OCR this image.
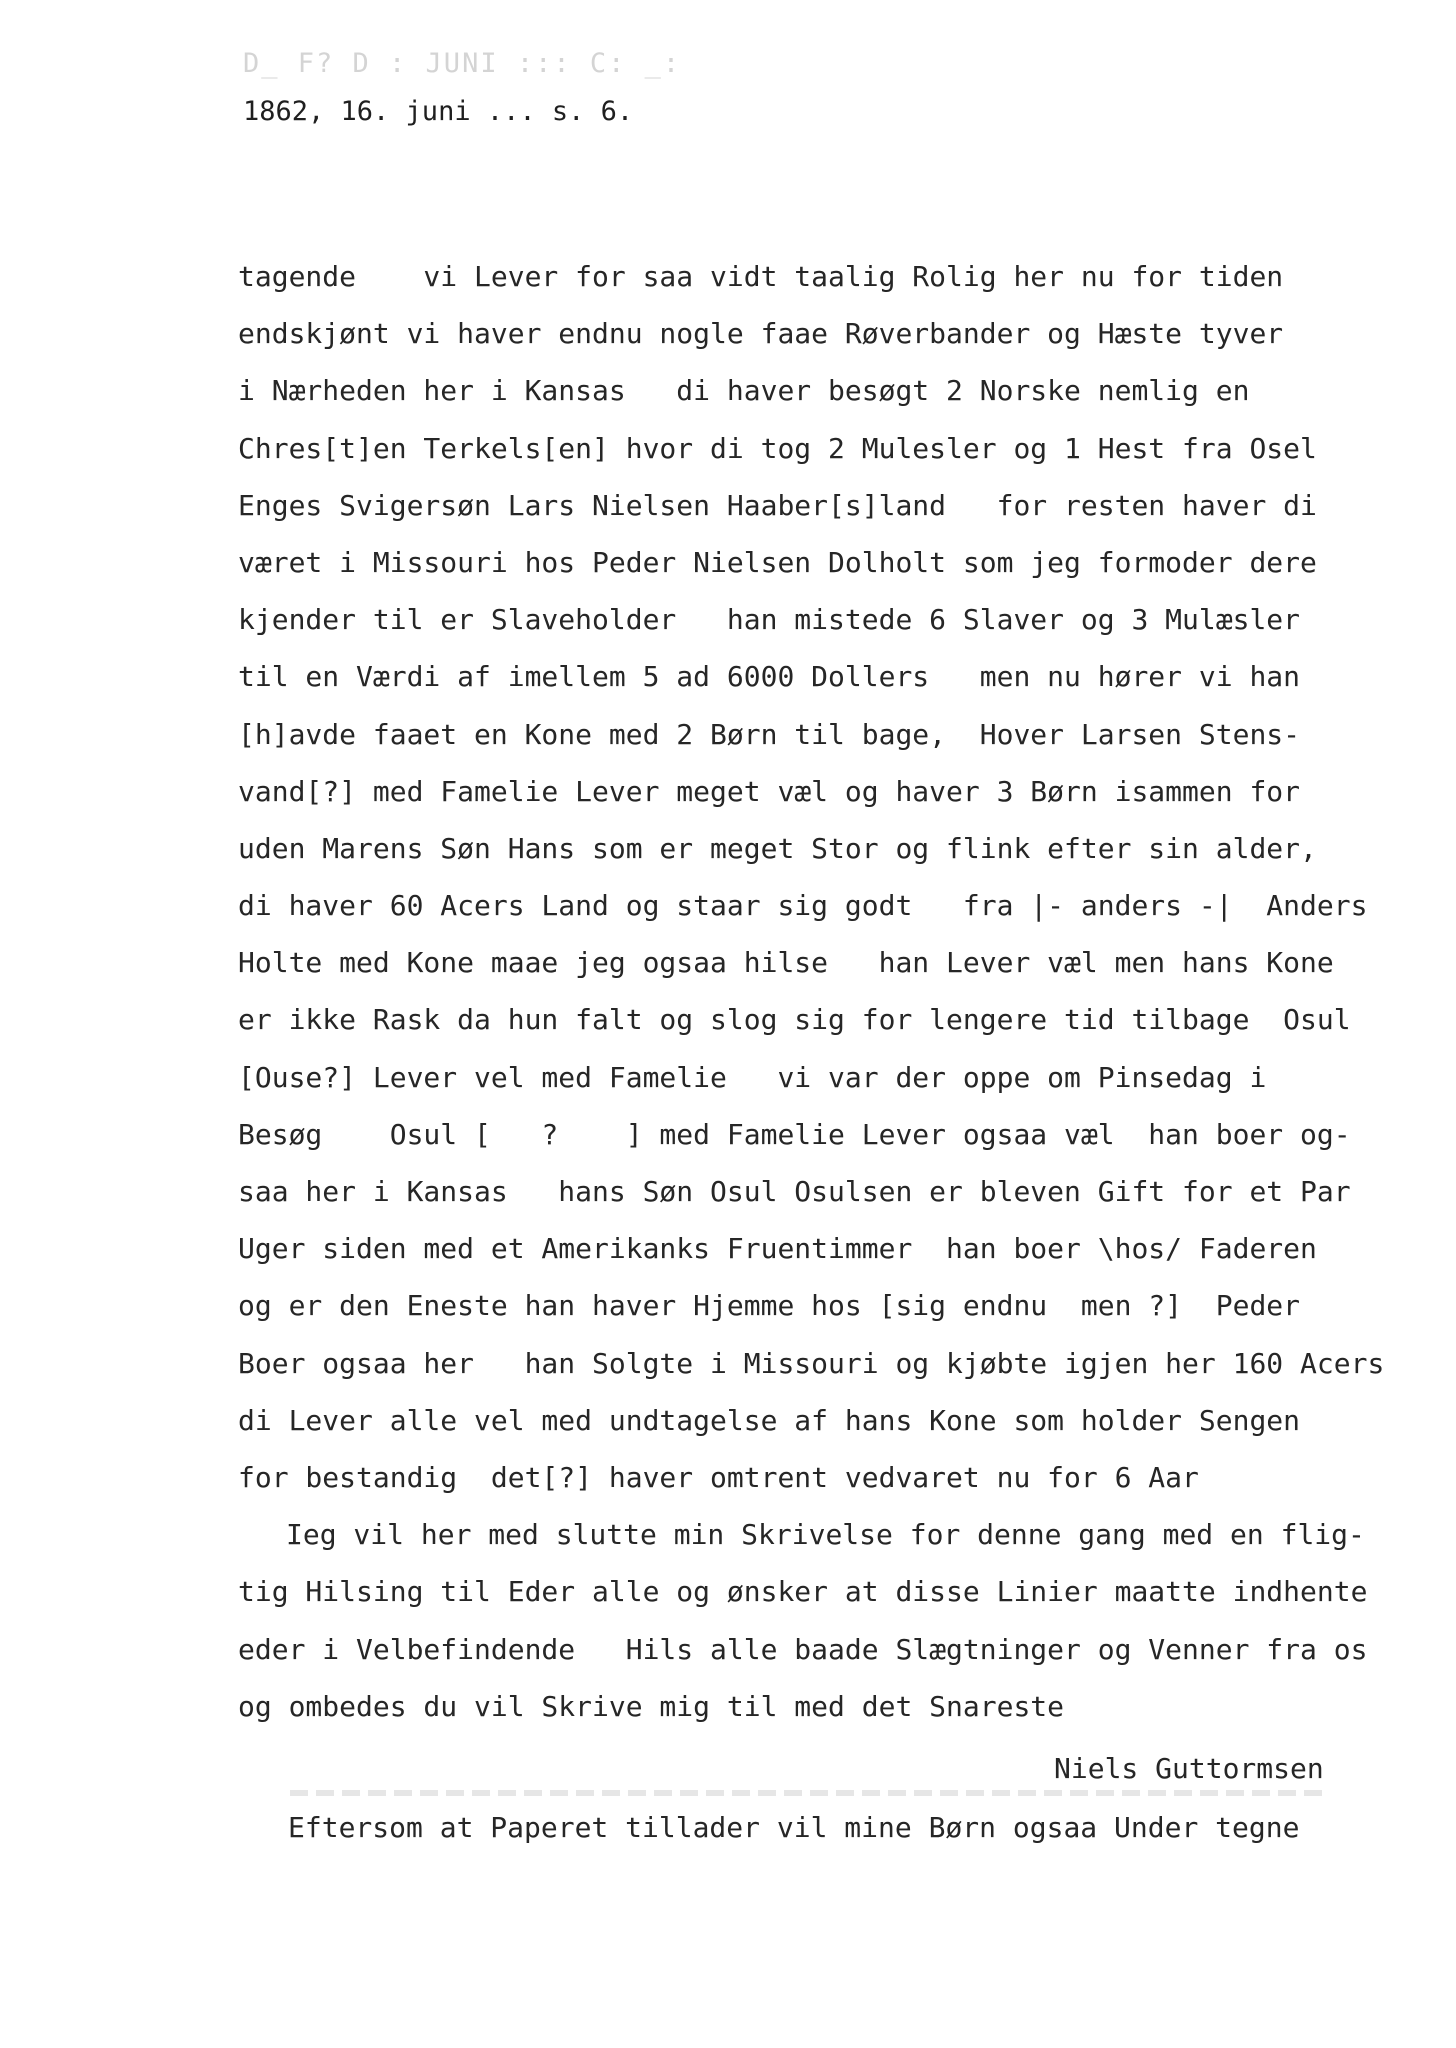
D_ F? D : JUNI ::: C: _:
1862, 16. juni ... s. 6.
tagende    vi Lever for saa vidt taalig Rolig her nu for tiden
endskjønt vi haver endnu nogle faae Røverbander og Hæste tyver
i Nærheden her i Kansas   di haver besøgt 2 Norske nemlig en
Chres[t]en Terkels[en] hvor di tog 2 Mulesler og 1 Hest fra Osel
Enges Svigersøn Lars Nielsen Haaber[s]land   for resten haver di
været i Missouri hos Peder Nielsen Dolholt som jeg formoder dere
kjender til er Slaveholder   han mistede 6 Slaver og 3 Mulæsler
til en Værdi af imellem 5 ad 6000 Dollers   men nu hører vi han
[h]avde faaet en Kone med 2 Børn til bage,  Hover Larsen Stens-
vand[?] med Famelie Lever meget væl og haver 3 Børn isammen for
uden Marens Søn Hans som er meget Stor og flink efter sin alder,
di haver 60 Acers Land og staar sig godt   fra |- anders -|  Anders
Holte med Kone maae jeg ogsaa hilse   han Lever væl men hans Kone
er ikke Rask da hun falt og slog sig for lengere tid tilbage  Osul
[Ouse?] Lever vel med Famelie   vi var der oppe om Pinsedag i
Besøg    Osul [   ?    ] med Famelie Lever ogsaa væl  han boer og-
saa her i Kansas   hans Søn Osul Osulsen er bleven Gift for et Par
Uger siden med et Amerikanks Fruentimmer  han boer \hos/ Faderen
og er den Eneste han haver Hjemme hos [sig endnu  men ?]  Peder
Boer ogsaa her   han Solgte i Missouri og kjøbte igjen her 160 Acers
di Lever alle vel med undtagelse af hans Kone som holder Sengen
for bestandig  det[?] haver omtrent vedvaret nu for 6 Aar
Ieg vil her med slutte min Skrivelse for denne gang med en flig-
tig Hilsing til Eder alle og ønsker at disse Linier maatte indhente
eder i Velbefindende   Hils alle baade Slægtninger og Venner fra os
og ombedes du vil Skrive mig til med det Snareste
Niels Guttormsen
Eftersom at Paperet tillader vil mine Børn ogsaa Under tegne
